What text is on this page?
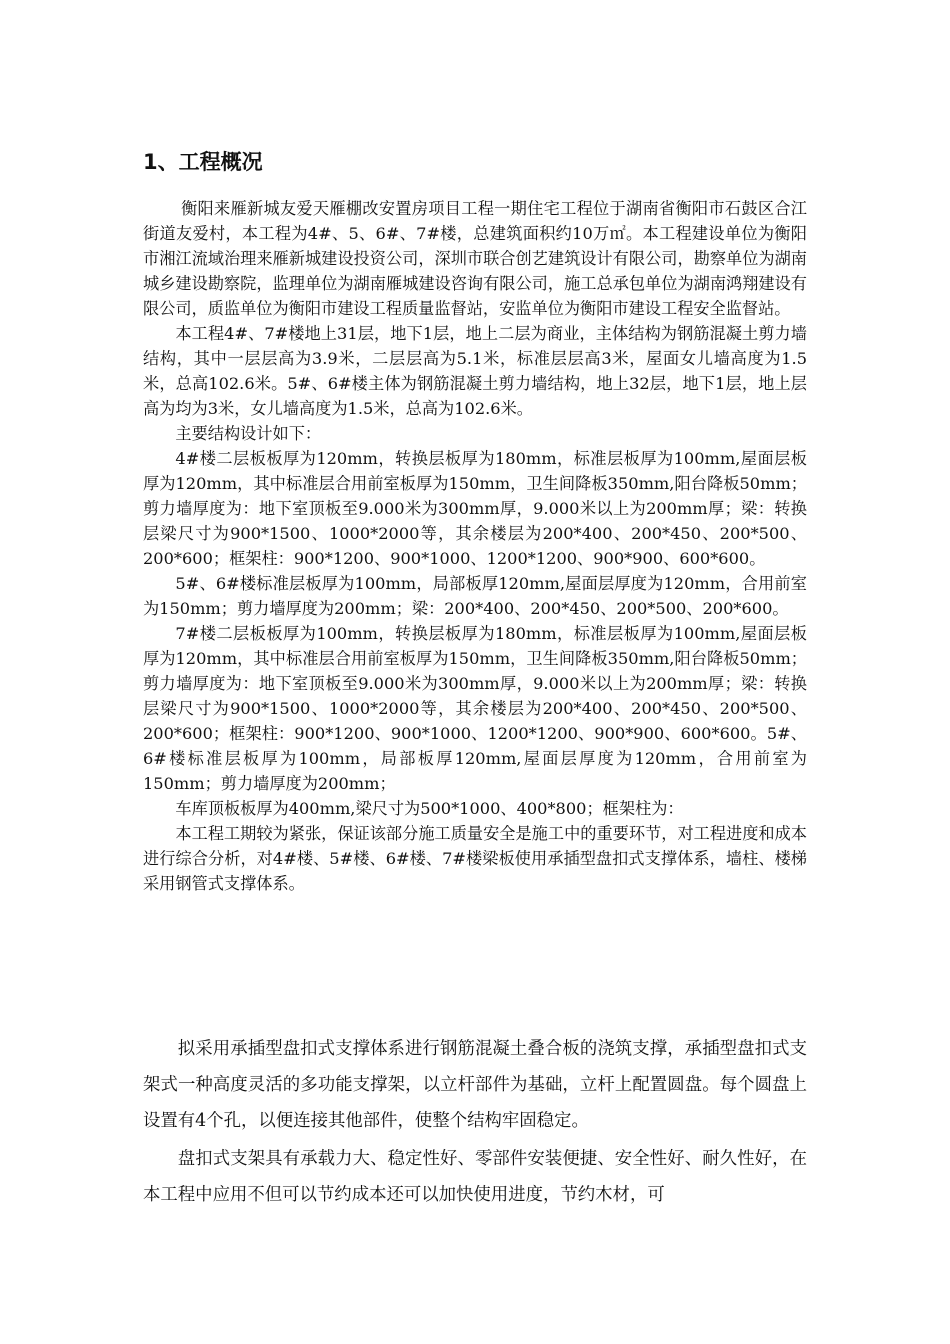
1、工程概况

衡阳来雁新城友爱天雁棚改安置房项目工程一期住宅工程位于湖南省衡阳市石鼓区合江街道友爱村，本工程为4#、5、6#、7#楼，总建筑面积约10万㎡。本工程建设单位为衡阳市湘江流域治理来雁新城建设投资公司，深圳市联合创艺建筑设计有限公司，勘察单位为湖南城乡建设勘察院，监理单位为湖南雁城建设咨询有限公司，施工总承包单位为湖南鸿翔建设有限公司，质监单位为衡阳市建设工程质量监督站，安监单位为衡阳市建设工程安全监督站。

本工程4#、7#楼地上31层，地下1层，地上二层为商业，主体结构为钢筋混凝土剪力墙结构，其中一层层高为3.9米，二层层高为5.1米，标准层层高3米，屋面女儿墙高度为1.5米，总高102.6米。5#、6#楼主体为钢筋混凝土剪力墙结构，地上32层，地下1层，地上层高为均为3米，女儿墙高度为1.5米，总高为102.6米。

主要结构设计如下：

4#楼二层板板厚为120mm，转换层板厚为180mm，标准层板厚为100mm,屋面层板厚为120mm，其中标准层合用前室板厚为150mm，卫生间降板350mm,阳台降板50mm；剪力墙厚度为：地下室顶板至9.000米为300mm厚，9.000米以上为200mm厚；梁：转换层梁尺寸为900*1500、1000*2000等，其余楼层为200*400、200*450、200*500、200*600；框架柱：900*1200、900*1000、1200*1200、900*900、600*600。

5#、6#楼标准层板厚为100mm，局部板厚120mm,屋面层厚度为120mm，合用前室为150mm；剪力墙厚度为200mm；梁：200*400、200*450、200*500、200*600。

7#楼二层板板厚为100mm，转换层板厚为180mm，标准层板厚为100mm,屋面层板厚为120mm，其中标准层合用前室板厚为150mm，卫生间降板350mm,阳台降板50mm；剪力墙厚度为：地下室顶板至9.000米为300mm厚，9.000米以上为200mm厚；梁：转换层梁尺寸为900*1500、1000*2000等，其余楼层为200*400、200*450、200*500、200*600；框架柱：900*1200、900*1000、1200*1200、900*900、600*600。5#、6#楼标准层板厚为100mm，局部板厚120mm,屋面层厚度为120mm，合用前室为150mm；剪力墙厚度为200mm；

车库顶板板厚为400mm,梁尺寸为500*1000、400*800；框架柱为：

本工程工期较为紧张，保证该部分施工质量安全是施工中的重要环节，对工程进度和成本进行综合分析，对4#楼、5#楼、6#楼、7#楼梁板使用承插型盘扣式支撑体系，墙柱、楼梯采用钢管式支撑体系。

拟采用承插型盘扣式支撑体系进行钢筋混凝土叠合板的浇筑支撑，承插型盘扣式支架式一种高度灵活的多功能支撑架，以立杆部件为基础，立杆上配置圆盘。每个圆盘上设置有4个孔，以便连接其他部件，使整个结构牢固稳定。

盘扣式支架具有承载力大、稳定性好、零部件安装便捷、安全性好、耐久性好，在本工程中应用不但可以节约成本还可以加快使用进度，节约木材，可
